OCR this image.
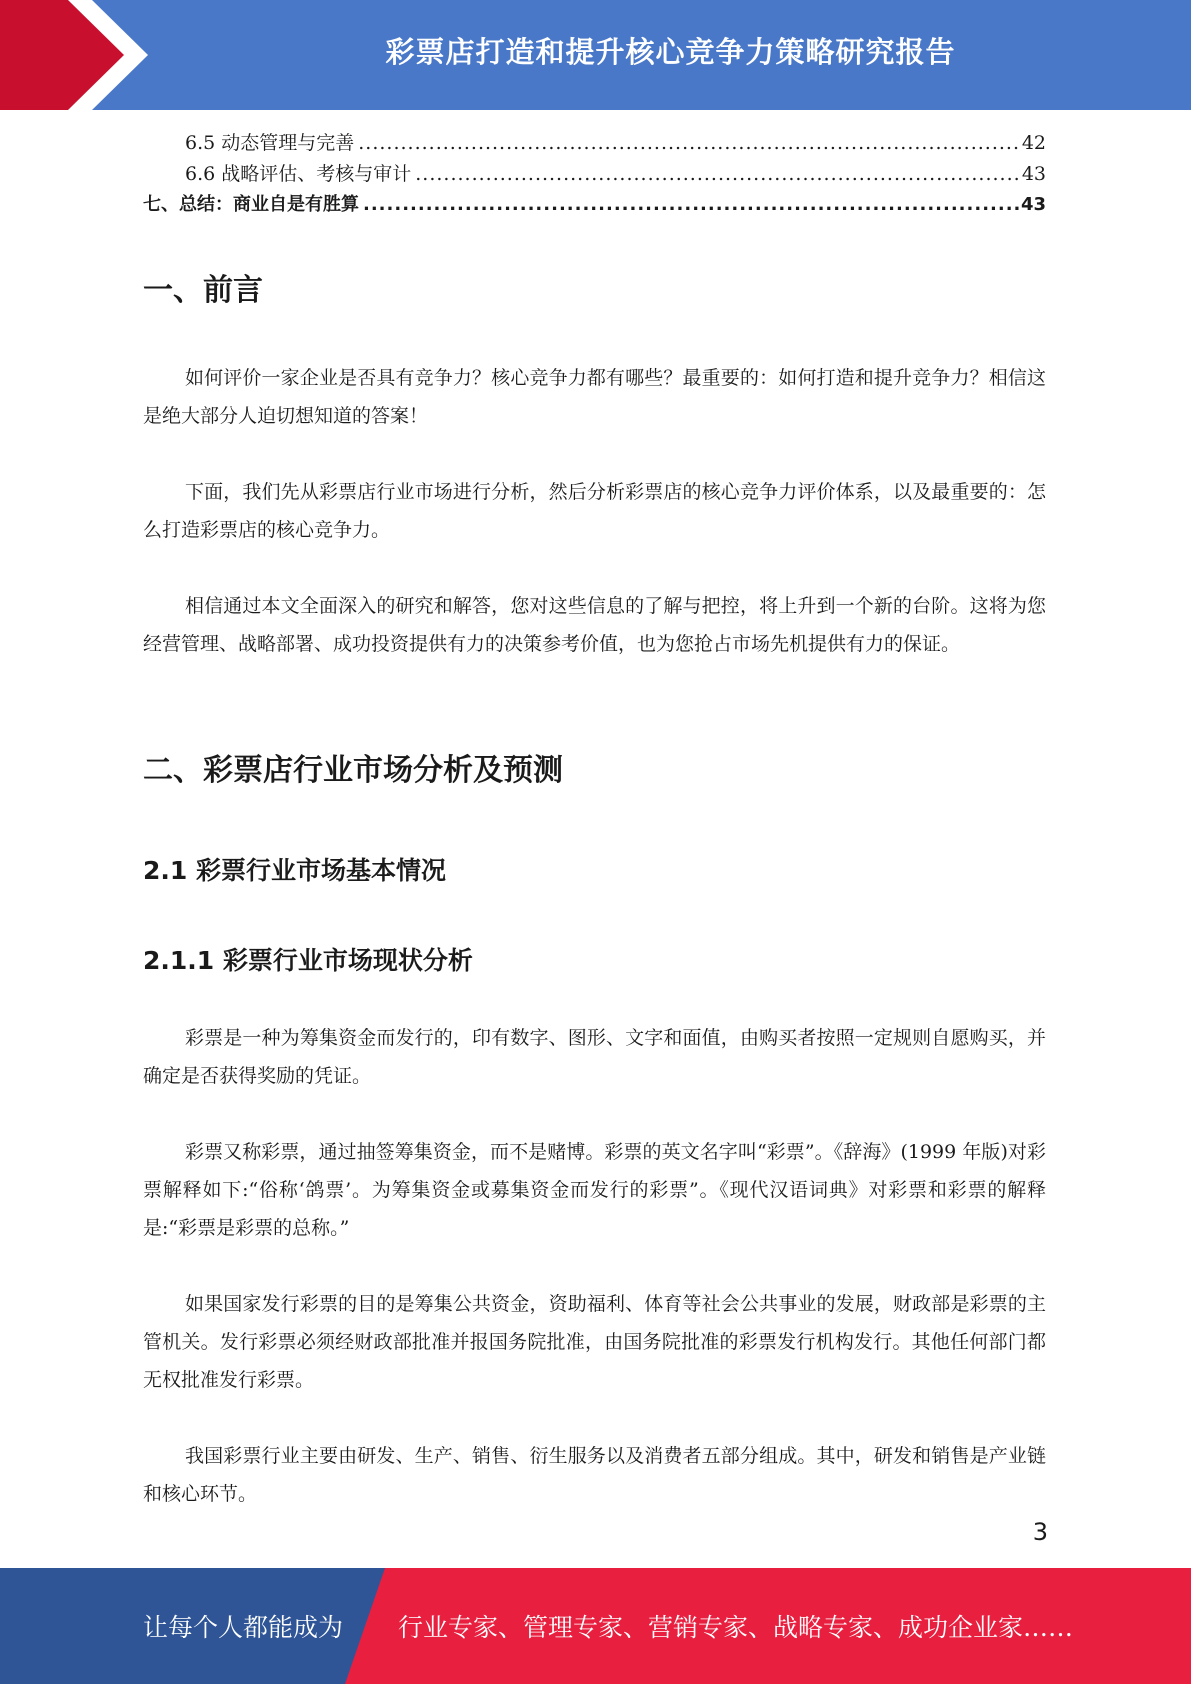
彩票店打造和提升核心竞争力策略研究报告
6.5 动态管理与完善 .....	42
6.6 战略评估、考核与审计 .....	43
七、总结：商业自是有胜算 .....	43
一、前言

如何评价一家企业是否具有竞争力？核心竞争力都有哪些？最重要的：如何打造和提升竞争力？相信这是绝大部分人迫切想知道的答案！

下面，我们先从彩票店行业市场进行分析，然后分析彩票店的核心竞争力评价体系，以及最重要的：怎么打造彩票店的核心竞争力。

相信通过本文全面深入的研究和解答，您对这些信息的了解与把控，将上升到一个新的台阶。这将为您经营管理、战略部署、成功投资提供有力的决策参考价值，也为您抢占市场先机提供有力的保证。

二、彩票店行业市场分析及预测
2.1 彩票行业市场基本情况
2.1.1 彩票行业市场现状分析

彩票是一种为筹集资金而发行的，印有数字、图形、文字和面值，由购买者按照一定规则自愿购买，并确定是否获得奖励的凭证。

彩票又称彩票，通过抽签筹集资金，而不是赌博。彩票的英文名字叫“彩票”。《辞海》(1999 年版)对彩票解释如下:“俗称‘鸽票’。为筹集资金或募集资金而发行的彩票”。《现代汉语词典》对彩票和彩票的解释是:“彩票是彩票的总称。”

如果国家发行彩票的目的是筹集公共资金，资助福利、体育等社会公共事业的发展，财政部是彩票的主管机关。发行彩票必须经财政部批准并报国务院批准，由国务院批准的彩票发行机构发行。其他任何部门都无权批准发行彩票。

我国彩票行业主要由研发、生产、销售、衍生服务以及消费者五部分组成。其中，研发和销售是产业链和核心环节。

3
让每个人都能成为 行业专家、管理专家、营销专家、战略专家、成功企业家……
